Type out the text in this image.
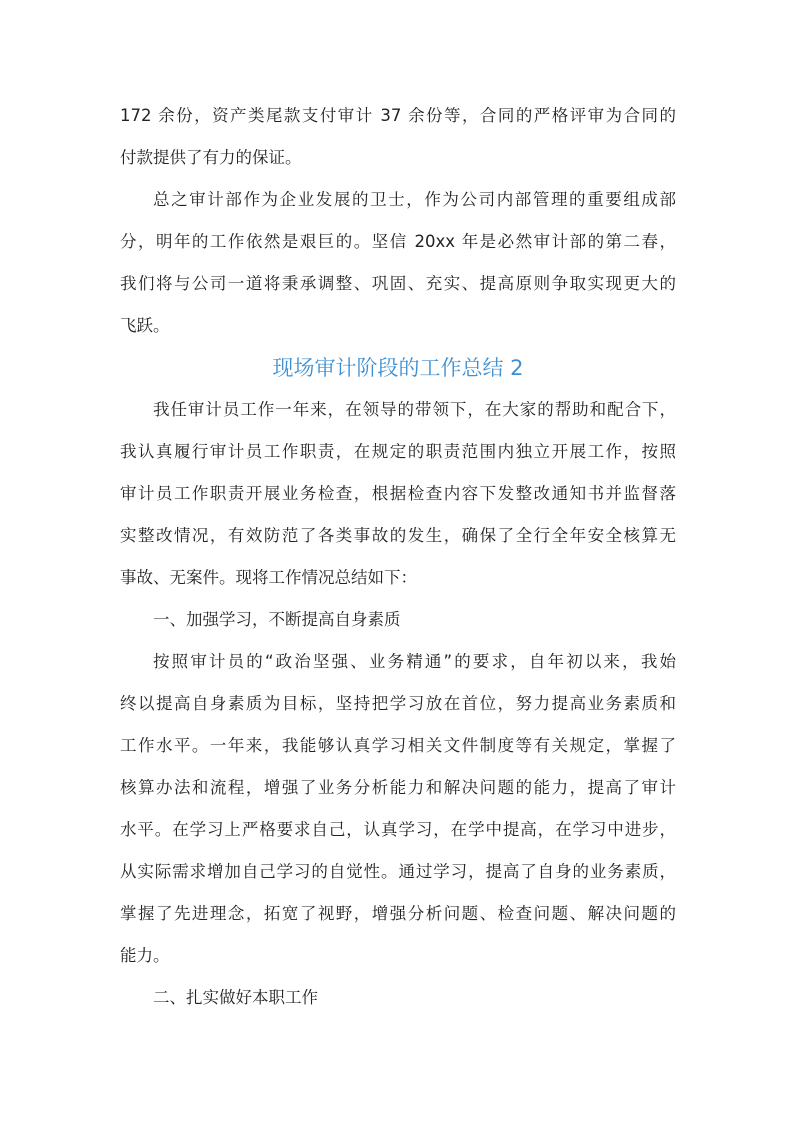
172 余份，资产类尾款支付审计 37 余份等，合同的严格评审为合同的
付款提供了有力的保证。
总之审计部作为企业发展的卫士，作为公司内部管理的重要组成部
分，明年的工作依然是艰巨的。坚信 20xx 年是必然审计部的第二春，
我们将与公司一道将秉承调整、巩固、充实、提高原则争取实现更大的
飞跃。
现场审计阶段的工作总结 2
我任审计员工作一年来，在领导的带领下，在大家的帮助和配合下，
我认真履行审计员工作职责，在规定的职责范围内独立开展工作，按照
审计员工作职责开展业务检查，根据检查内容下发整改通知书并监督落
实整改情况，有效防范了各类事故的发生，确保了全行全年安全核算无
事故、无案件。现将工作情况总结如下：
一、加强学习，不断提高自身素质
按照审计员的“政治坚强、业务精通”的要求，自年初以来，我始
终以提高自身素质为目标，坚持把学习放在首位，努力提高业务素质和
工作水平。一年来，我能够认真学习相关文件制度等有关规定，掌握了
核算办法和流程，增强了业务分析能力和解决问题的能力，提高了审计
水平。在学习上严格要求自己，认真学习，在学中提高，在学习中进步，
从实际需求增加自己学习的自觉性。通过学习，提高了自身的业务素质，
掌握了先进理念，拓宽了视野，增强分析问题、检查问题、解决问题的
能力。
二、扎实做好本职工作
